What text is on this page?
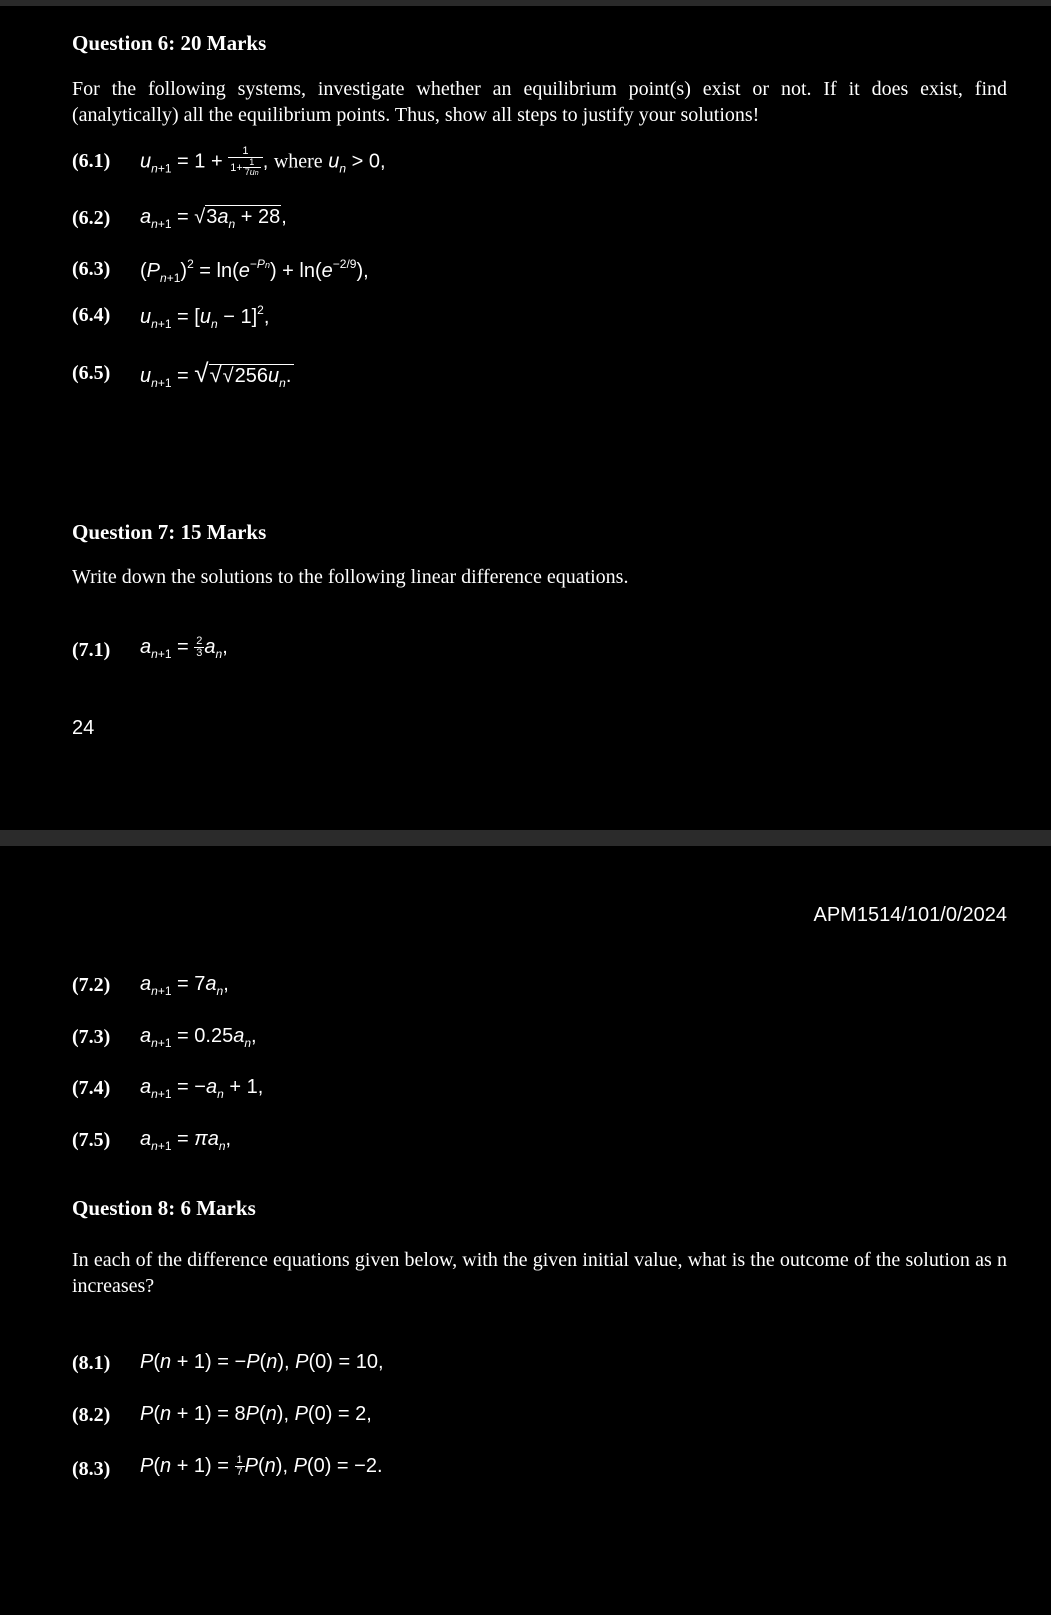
Question 6: 20 Marks
For the following systems, investigate whether an equilibrium point(s) exist or not. If it does exist, find (analytically) all the equilibrium points. Thus, show all steps to justify your solutions!
(6.1) $u_{n+1} = 1 + \frac{1}{1+ \frac{1}{7un}}$ , where $u_n > 0$,
(6.2) $a_{n+1} = √3a_n + 28$,
(6.3) $(P_{n+1})^2 = \ln(e^{-Pn}) + \ln(e^{-2/9})$,
(6.4) $u_{n+1} = [u_n - 1]^2$,
(6.5) $u_{n+1} = √√√256u_n$.
Question 7: 15 Marks
Write down the solutions to the following linear difference equations.
(7.1) $a_{n+1} = \frac{2}{3} a_n$,
24
APM1514/101/0/2024
(7.2) $a_{n+1} = 7a_n$,
(7.3) $a_{n+1} = 0.25a_n$,
(7.4) $a_{n+1} = -a_n + 1$,
(7.5) $a_{n+1} = \pi a_n$,
Question 8: 6 Marks
In each of the difference equations given below, with the given initial value, what is the outcome of the solution as n increases?
(8.1) P(n + 1) = −P(n), P(0) = 10,
(8.2) P(n + 1) = 8P(n), P(0) = 2,
(8.3) $P(n + 1) = \frac{1}{7} P(n)$, P(0) = −2.
